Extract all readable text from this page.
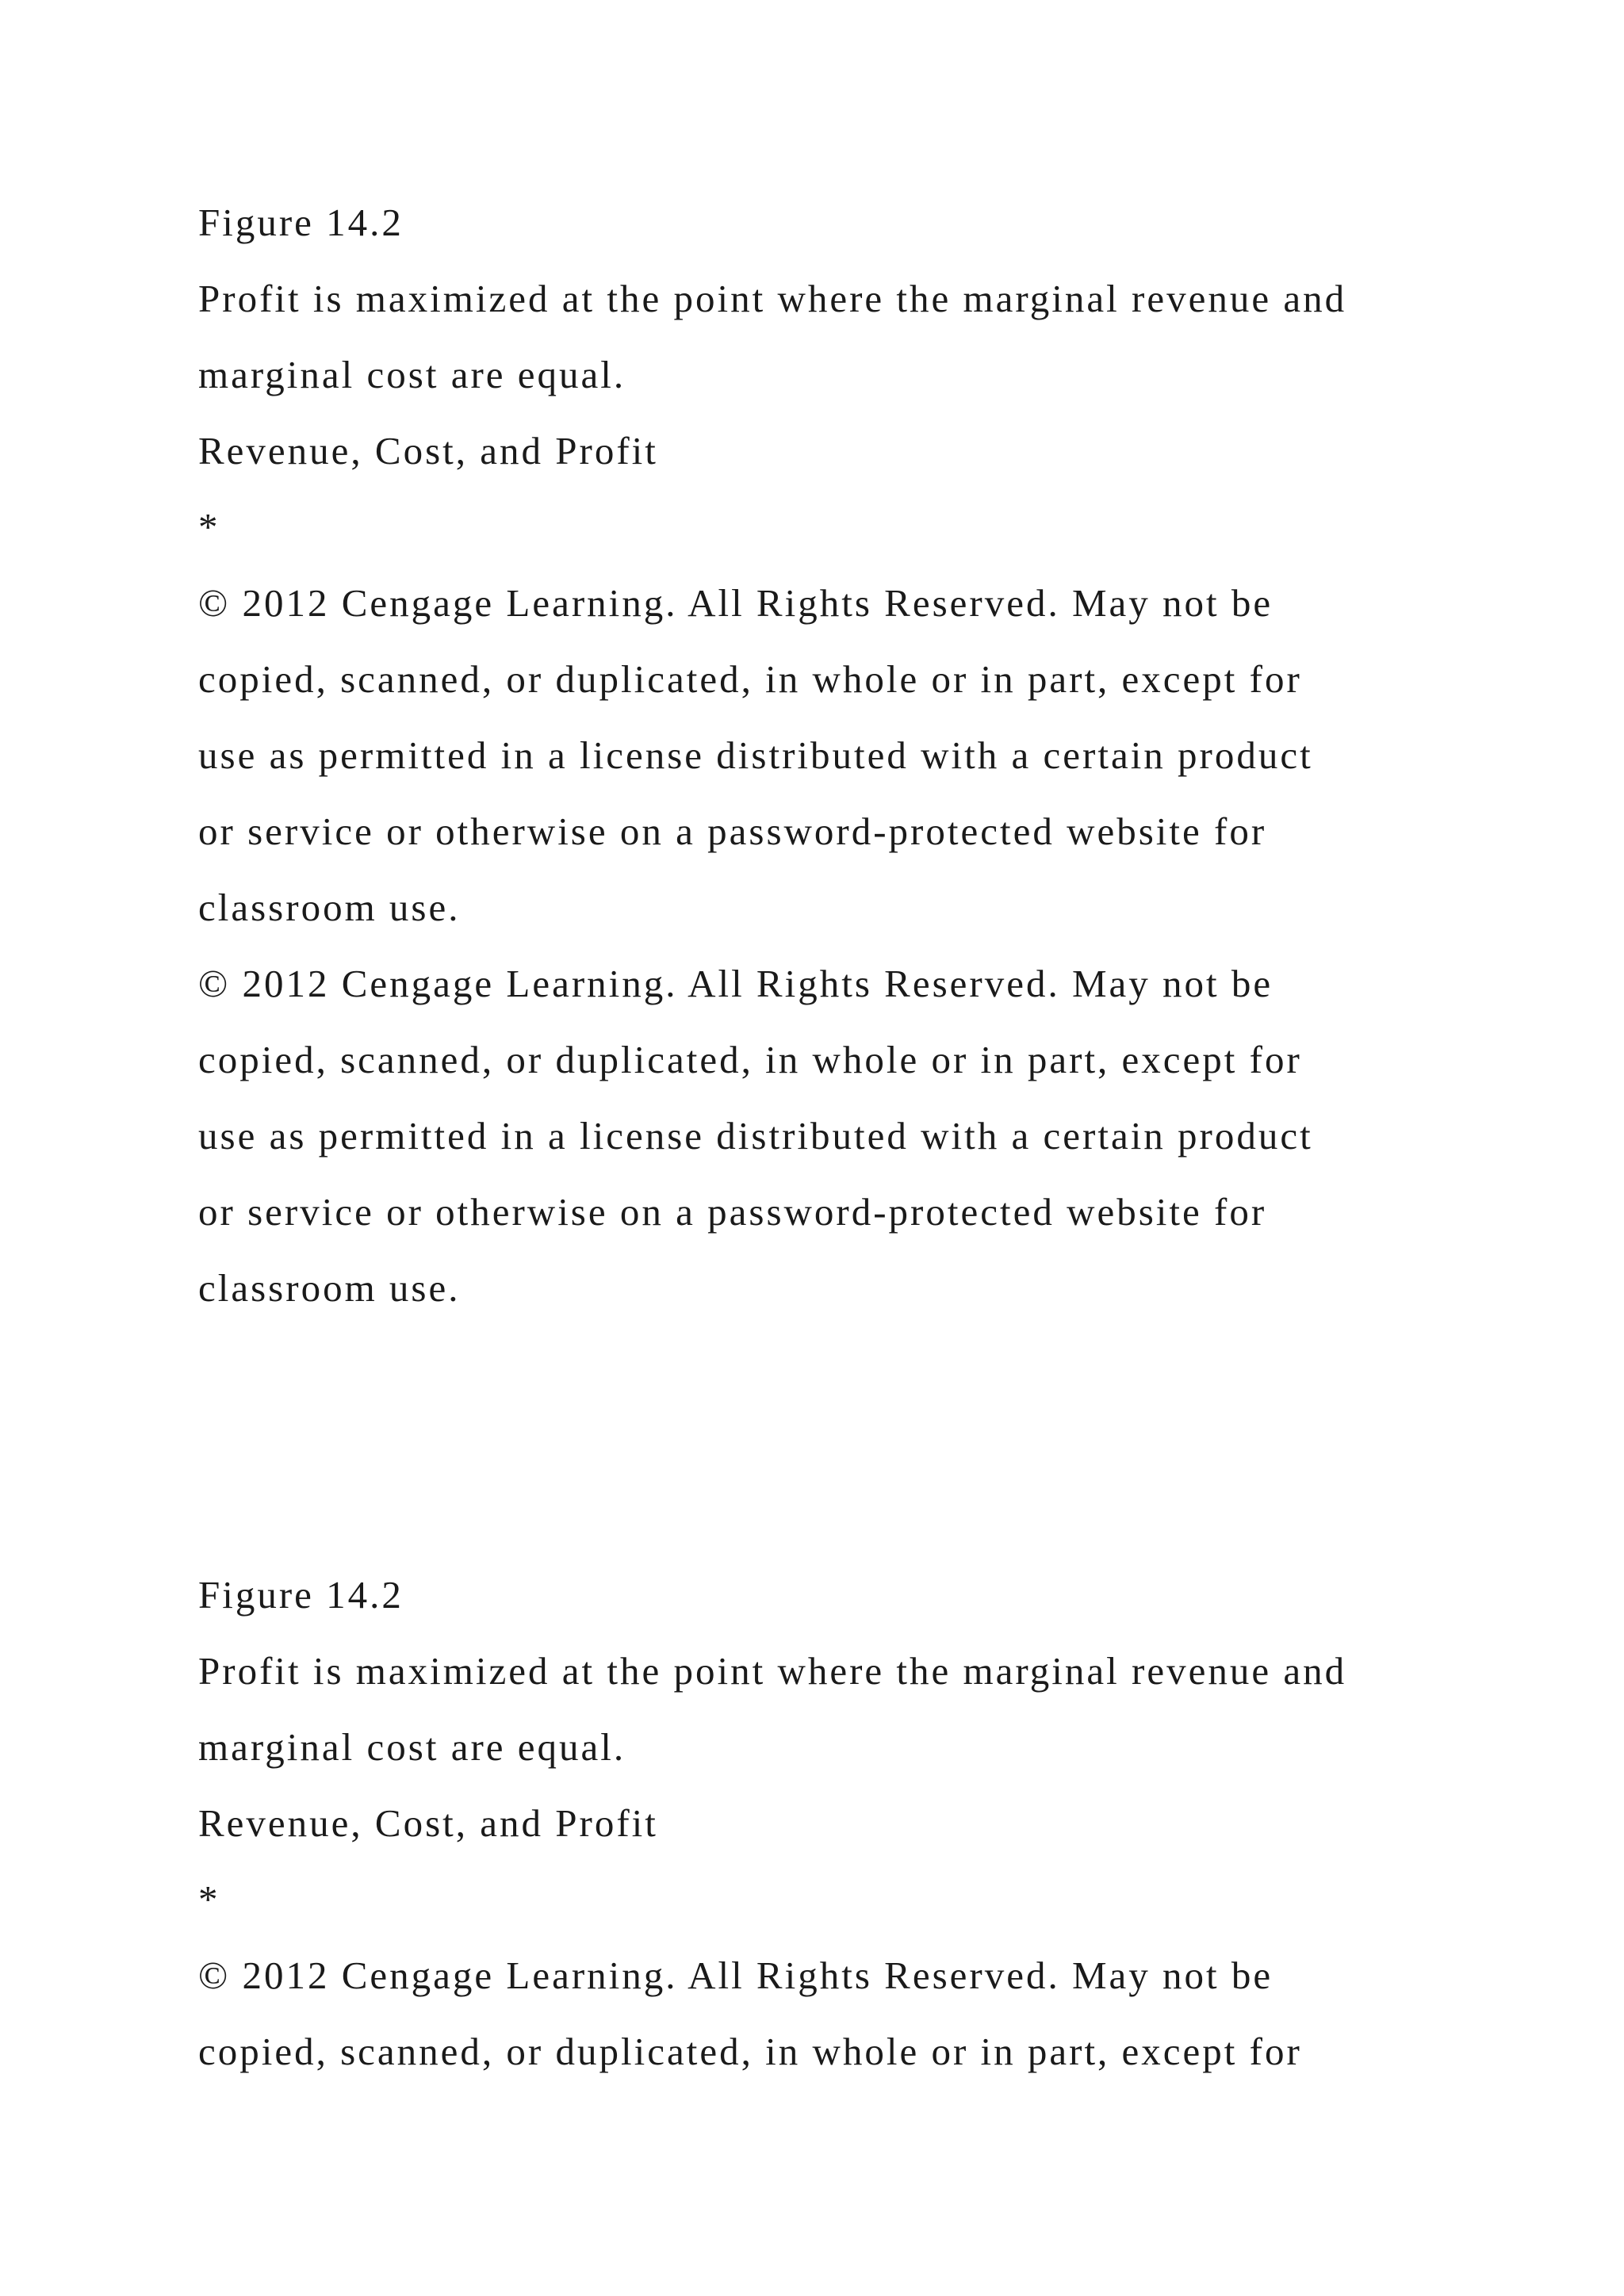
Figure 14.2
Profit is maximized at the point where the marginal revenue and
marginal cost are equal.
Revenue, Cost, and Profit
*
© 2012 Cengage Learning. All Rights Reserved. May not be
copied, scanned, or duplicated, in whole or in part, except for
use as permitted in a license distributed with a certain product
or service or otherwise on a password-protected website for
classroom use.
© 2012 Cengage Learning. All Rights Reserved. May not be
copied, scanned, or duplicated, in whole or in part, except for
use as permitted in a license distributed with a certain product
or service or otherwise on a password-protected website for
classroom use.
Figure 14.2
Profit is maximized at the point where the marginal revenue and
marginal cost are equal.
Revenue, Cost, and Profit
*
© 2012 Cengage Learning. All Rights Reserved. May not be
copied, scanned, or duplicated, in whole or in part, except for
